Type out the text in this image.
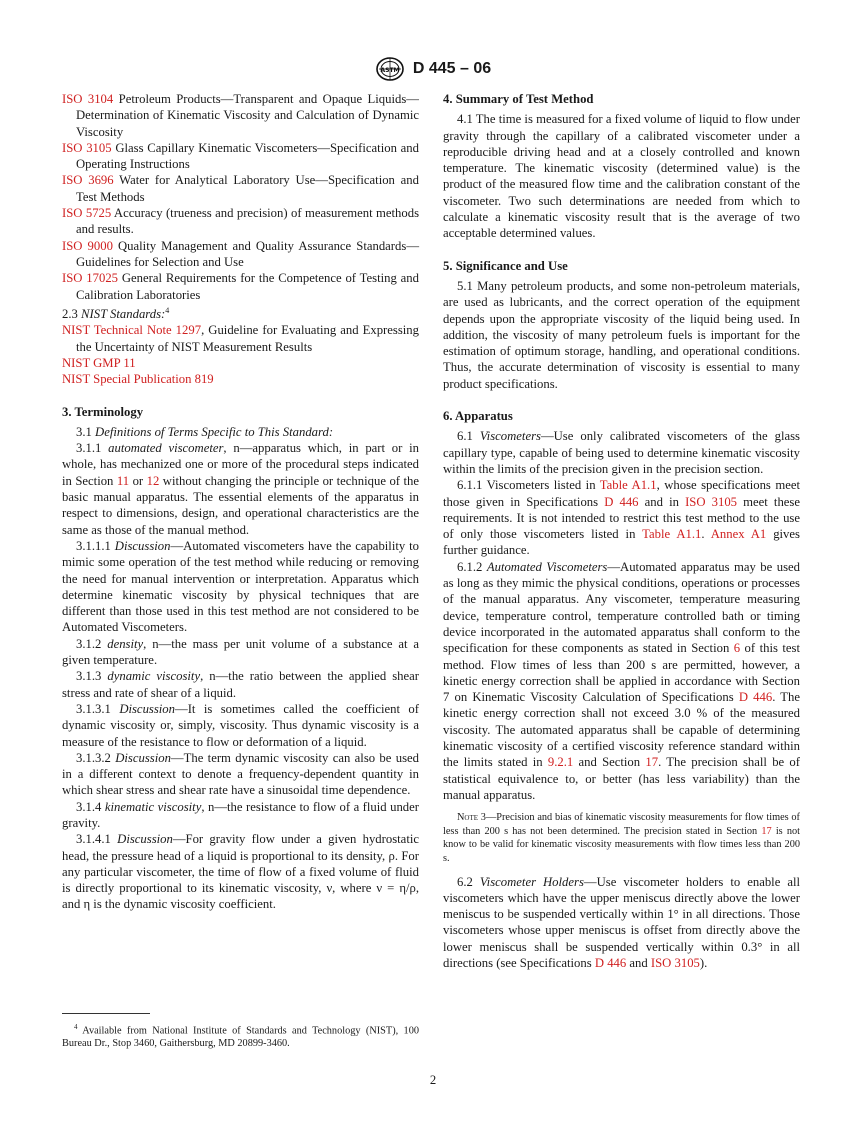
ASTM D 445 – 06

ISO 3104 Petroleum Products—Transparent and Opaque Liquids—Determination of Kinematic Viscosity and Calculation of Dynamic Viscosity

ISO 3105 Glass Capillary Kinematic Viscometers—Specification and Operating Instructions

ISO 3696 Water for Analytical Laboratory Use—Specification and Test Methods

ISO 5725 Accuracy (trueness and precision) of measurement methods and results.

ISO 9000 Quality Management and Quality Assurance Standards—Guidelines for Selection and Use

ISO 17025 General Requirements for the Competence of Testing and Calibration Laboratories

2.3 NIST Standards:$^4$

NIST Technical Note 1297, Guideline for Evaluating and Expressing the Uncertainty of NIST Measurement Results

NIST GMP 11

NIST Special Publication 819

3. Terminology

3.1 Definitions of Terms Specific to This Standard:

3.1.1 automated viscometer, n—apparatus which, in part or in whole, has mechanized one or more of the procedural steps indicated in Section 11 or 12 without changing the principle or technique of the basic manual apparatus. The essential elements of the apparatus in respect to dimensions, design, and operational characteristics are the same as those of the manual method.

3.1.1.1 Discussion—Automated viscometers have the capability to mimic some operation of the test method while reducing or removing the need for manual intervention or interpretation. Apparatus which determine kinematic viscosity by physical techniques that are different than those used in this test method are not considered to be Automated Viscometers.

3.1.2 density, n—the mass per unit volume of a substance at a given temperature.

3.1.3 dynamic viscosity, n—the ratio between the applied shear stress and rate of shear of a liquid.

3.1.3.1 Discussion—It is sometimes called the coefficient of dynamic viscosity or, simply, viscosity. Thus dynamic viscosity is a measure of the resistance to flow or deformation of a liquid.

3.1.3.2 Discussion—The term dynamic viscosity can also be used in a different context to denote a frequency-dependent quantity in which shear stress and shear rate have a sinusoidal time dependence.

3.1.4 kinematic viscosity, n—the resistance to flow of a fluid under gravity.

3.1.4.1 Discussion—For gravity flow under a given hydrostatic head, the pressure head of a liquid is proportional to its density, ρ. For any particular viscometer, the time of flow of a fixed volume of fluid is directly proportional to its kinematic viscosity, ν, where ν = η/ρ, and η is the dynamic viscosity coefficient.

$^4$ Available from National Institute of Standards and Technology (NIST), 100 Bureau Dr., Stop 3460, Gaithersburg, MD 20899-3460.
4. Summary of Test Method

4.1 The time is measured for a fixed volume of liquid to flow under gravity through the capillary of a calibrated viscometer under a reproducible driving head and at a closely controlled and known temperature. The kinematic viscosity (determined value) is the product of the measured flow time and the calibration constant of the viscometer. Two such determinations are needed from which to calculate a kinematic viscosity result that is the average of two acceptable determined values.

5. Significance and Use

5.1 Many petroleum products, and some non-petroleum materials, are used as lubricants, and the correct operation of the equipment depends upon the appropriate viscosity of the liquid being used. In addition, the viscosity of many petroleum fuels is important for the estimation of optimum storage, handling, and operational conditions. Thus, the accurate determination of viscosity is essential to many product specifications.

6. Apparatus

6.1 Viscometers—Use only calibrated viscometers of the glass capillary type, capable of being used to determine kinematic viscosity within the limits of the precision given in the precision section.

6.1.1 Viscometers listed in Table A1.1, whose specifications meet those given in Specifications D 446 and in ISO 3105 meet these requirements. It is not intended to restrict this test method to the use of only those viscometers listed in Table A1.1. Annex A1 gives further guidance.

6.1.2 Automated Viscometers—Automated apparatus may be used as long as they mimic the physical conditions, operations or processes of the manual apparatus. Any viscometer, temperature measuring device, temperature control, temperature controlled bath or timing device incorporated in the automated apparatus shall conform to the specification for these components as stated in Section 6 of this test method. Flow times of less than 200 s are permitted, however, a kinetic energy correction shall be applied in accordance with Section 7 on Kinematic Viscosity Calculation of Specifications D 446. The kinetic energy correction shall not exceed 3.0 % of the measured viscosity. The automated apparatus shall be capable of determining kinematic viscosity of a certified viscosity reference standard within the limits stated in 9.2.1 and Section 17. The precision shall be of statistical equivalence to, or better (has less variability) than the manual apparatus.

Note 3—Precision and bias of kinematic viscosity measurements for flow times of less than 200 s has not been determined. The precision stated in Section 17 is not know to be valid for kinematic viscosity measurements with flow times less than 200 s.

6.2 Viscometer Holders—Use viscometer holders to enable all viscometers which have the upper meniscus directly above the lower meniscus to be suspended vertically within 1° in all directions. Those viscometers whose upper meniscus is offset from directly above the lower meniscus shall be suspended vertically within 0.3° in all directions (see Specifications D 446 and ISO 3105).

2
